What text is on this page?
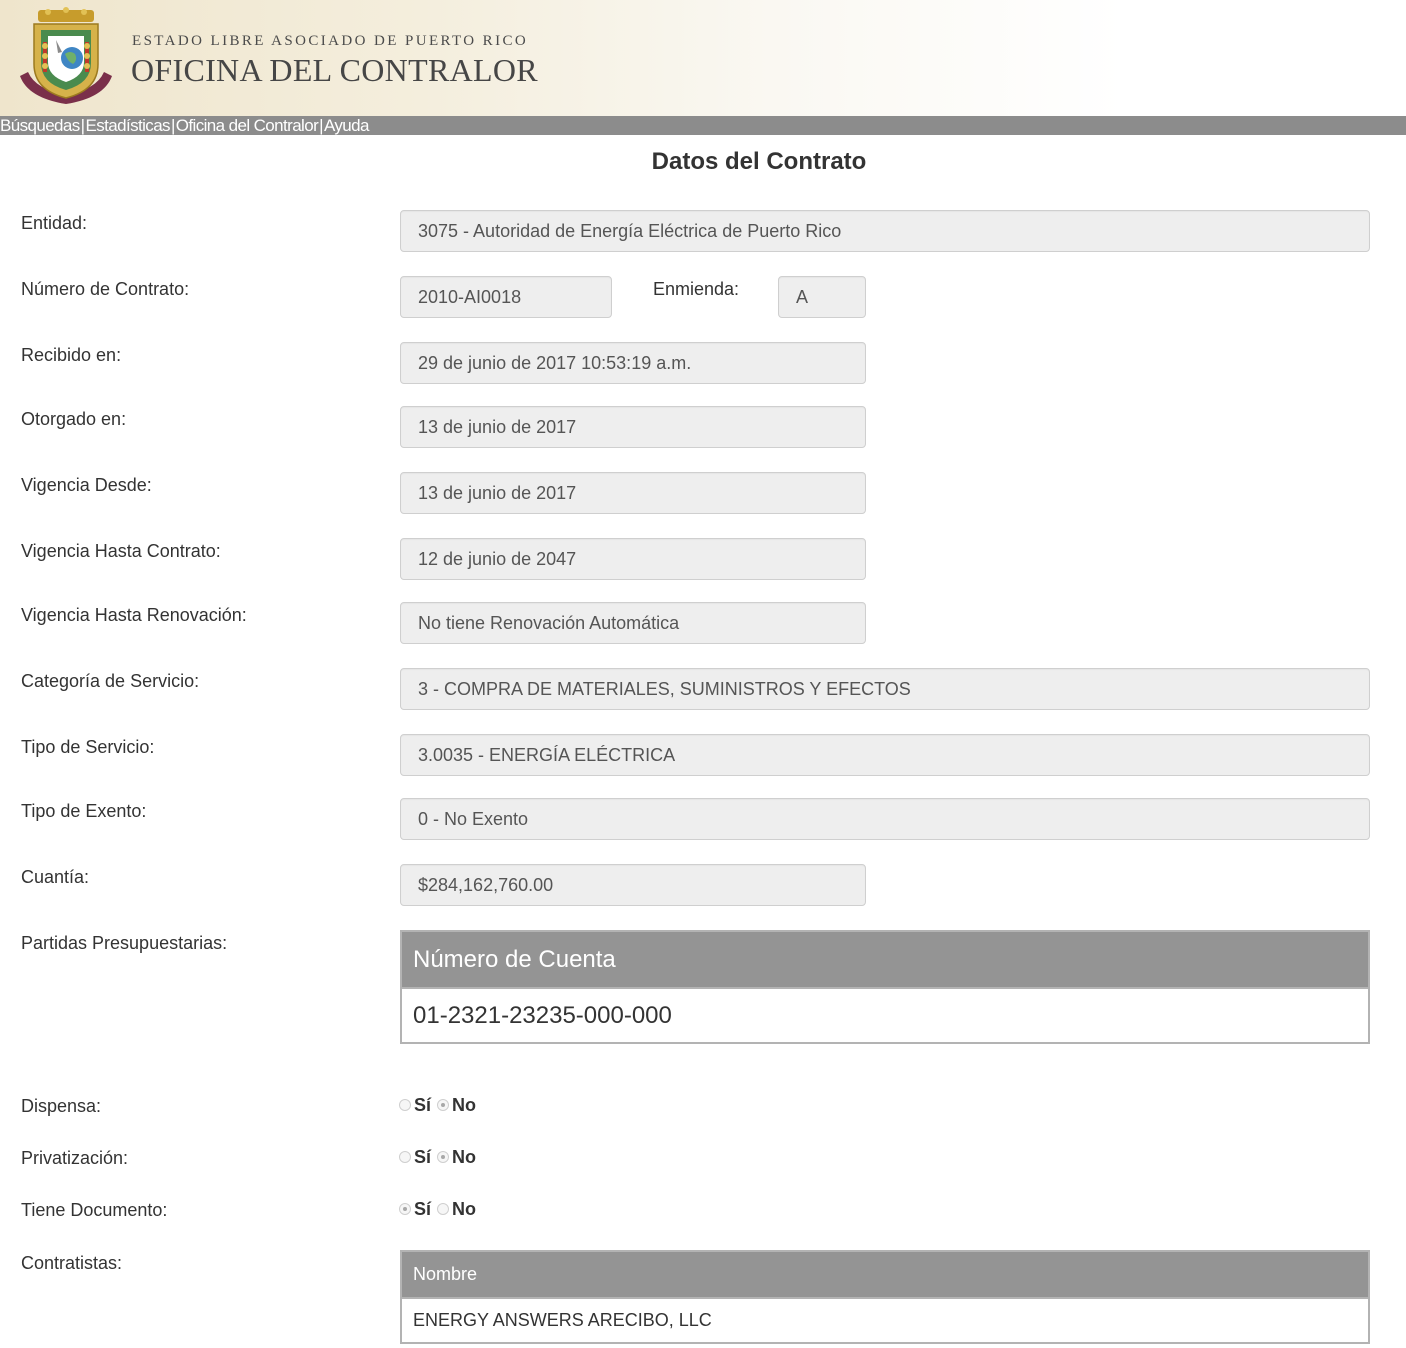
ESTADO LIBRE ASOCIADO DE PUERTO RICO
OFICINA DEL CONTRALOR
Búsquedas|Estadísticas|Oficina del Contralor|Ayuda
Datos del Contrato
Entidad:	3075 - Autoridad de Energía Eléctrica de Puerto Rico
Número de Contrato:	2010-AI0018	Enmienda:	A
Recibido en:	29 de junio de 2017 10:53:19 a.m.
Otorgado en:	13 de junio de 2017
Vigencia Desde:	13 de junio de 2017
Vigencia Hasta Contrato:	12 de junio de 2047
Vigencia Hasta Renovación:	No tiene Renovación Automática
Categoría de Servicio:	3 - COMPRA DE MATERIALES, SUMINISTROS Y EFECTOS
Tipo de Servicio:	3.0035 - ENERGÍA ELÉCTRICA
Tipo de Exento:	0 - No Exento
Cuantía:	$284,162,760.00
Partidas Presupuestarias:
Número de Cuenta
01-2321-23235-000-000
Dispensa:	Sí No
Privatización:	Sí No
Tiene Documento:	Sí No
Contratistas:
Nombre
ENERGY ANSWERS ARECIBO, LLC
